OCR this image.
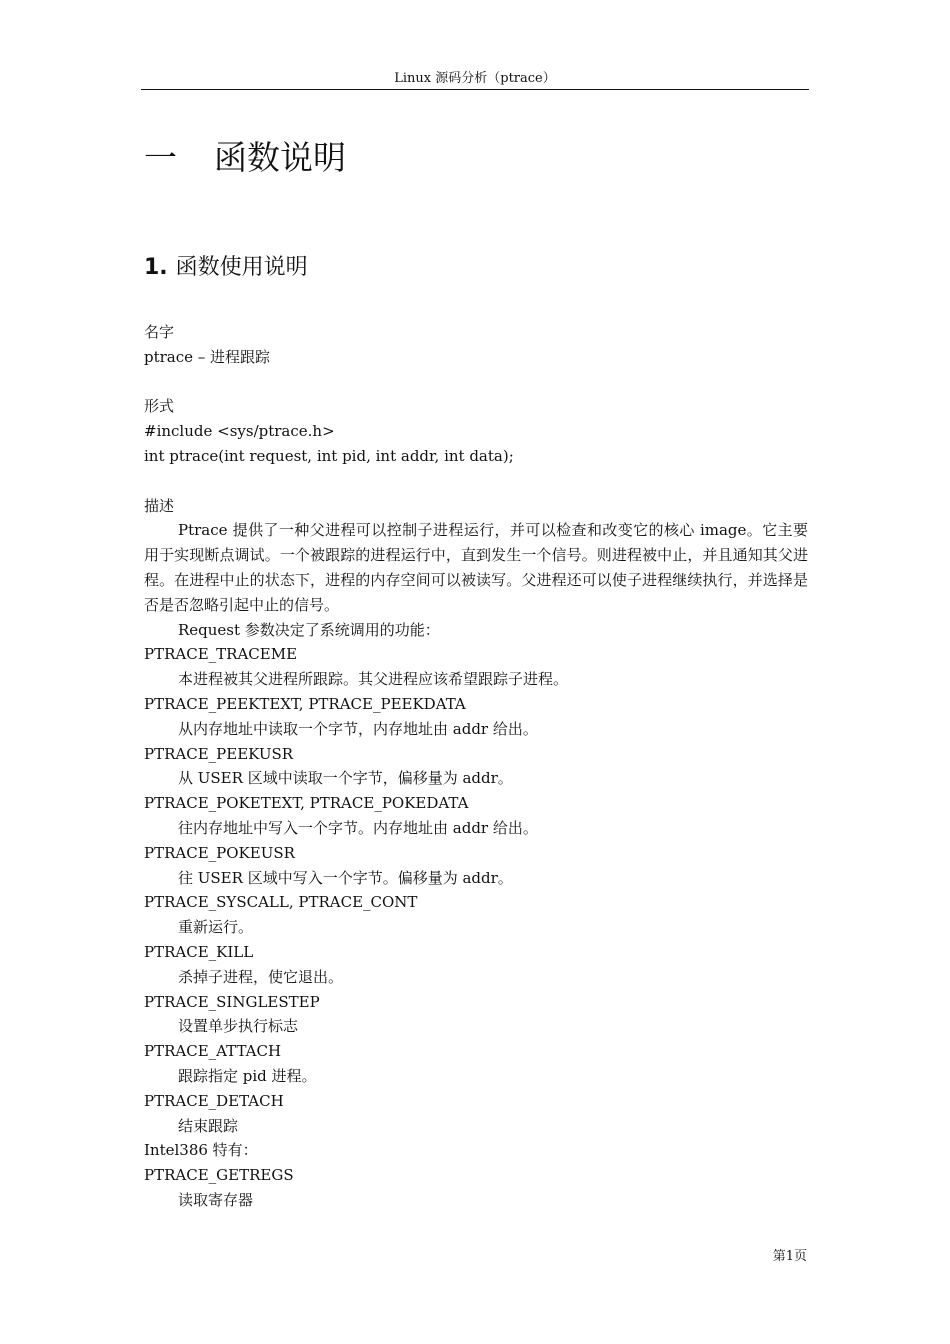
Linux 源码分析（ptrace）
一 函数说明
1. 函数使用说明
名字
ptrace – 进程跟踪
形式
#include <sys/ptrace.h>
int ptrace(int request, int pid, int addr, int data);
描述
Ptrace 提供了一种父进程可以控制子进程运行，并可以检查和改变它的核心 image。它主要用于实现断点调试。一个被跟踪的进程运行中，直到发生一个信号。则进程被中止，并且通知其父进程。在进程中止的状态下，进程的内存空间可以被读写。父进程还可以使子进程继续执行，并选择是否是否忽略引起中止的信号。
Request 参数决定了系统调用的功能：
PTRACE_TRACEME
本进程被其父进程所跟踪。其父进程应该希望跟踪子进程。
PTRACE_PEEKTEXT, PTRACE_PEEKDATA
从内存地址中读取一个字节，内存地址由 addr 给出。
PTRACE_PEEKUSR
从 USER 区域中读取一个字节，偏移量为 addr。
PTRACE_POKETEXT, PTRACE_POKEDATA
往内存地址中写入一个字节。内存地址由 addr 给出。
PTRACE_POKEUSR
往 USER 区域中写入一个字节。偏移量为 addr。
PTRACE_SYSCALL, PTRACE_CONT
重新运行。
PTRACE_KILL
杀掉子进程，使它退出。
PTRACE_SINGLESTEP
设置单步执行标志
PTRACE_ATTACH
跟踪指定 pid 进程。
PTRACE_DETACH
结束跟踪
Intel386 特有：
PTRACE_GETREGS
读取寄存器
第1页
